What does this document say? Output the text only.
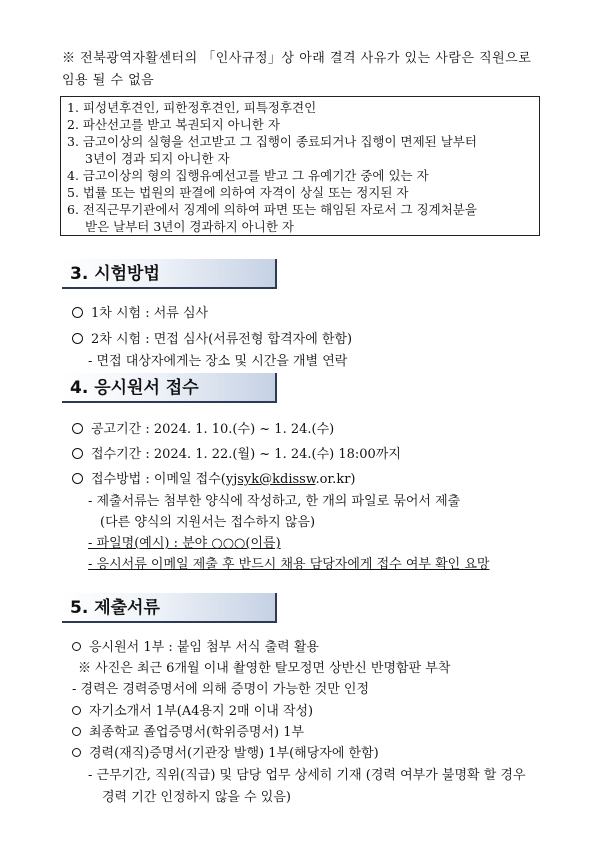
※ 전북광역자활센터의 「인사규정」상 아래 결격 사유가 있는 사람은 직원으로
임용 될 수 없음
1. 피성년후견인, 피한정후견인, 피특정후견인
2. 파산선고를 받고 복권되지 아니한 자
3. 금고이상의 실형을 선고받고 그 집행이 종료되거나 집행이 면제된 날부터
3년이 경과 되지 아니한 자
4. 금고이상의 형의 집행유예선고를 받고 그 유예기간 중에 있는 자
5. 법률 또는 법원의 판결에 의하여 자격이 상실 또는 정지된 자
6. 전직근무기관에서 징계에 의하여 파면 또는 해임된 자로서 그 징계처분을
받은 날부터 3년이 경과하지 아니한 자
3. 시험방법
1차 시험 : 서류 심사
2차 시험 : 면접 심사(서류전형 합격자에 한함)
- 면접 대상자에게는 장소 및 시간을 개별 연락
4. 응시원서 접수
공고기간 : 2024. 1. 10.(수) ~ 1. 24.(수)
접수기간 : 2024. 1. 22.(월) ~ 1. 24.(수) 18:00까지
접수방법 : 이메일 접수(yjsyk@kdissw.or.kr)
- 제출서류는 첨부한 양식에 작성하고, 한 개의 파일로 묶어서 제출
(다른 양식의 지원서는 접수하지 않음)
- 파일명(예시) : 분야 ○○○(이름)
- 응시서류 이메일 제출 후 반드시 채용 담당자에게 접수 여부 확인 요망
5. 제출서류
응시원서 1부 : 붙임 첨부 서식 출력 활용
※ 사진은 최근 6개월 이내 촬영한 탈모정면 상반신 반명함판 부착
- 경력은 경력증명서에 의해 증명이 가능한 것만 인정
자기소개서 1부(A4용지 2매 이내 작성)
최종학교 졸업증명서(학위증명서) 1부
경력(재직)증명서(기관장 발행) 1부(해당자에 한함)
- 근무기간, 직위(직급) 및 담당 업무 상세히 기재 (경력 여부가 불명확 할 경우
경력 기간 인정하지 않을 수 있음)
